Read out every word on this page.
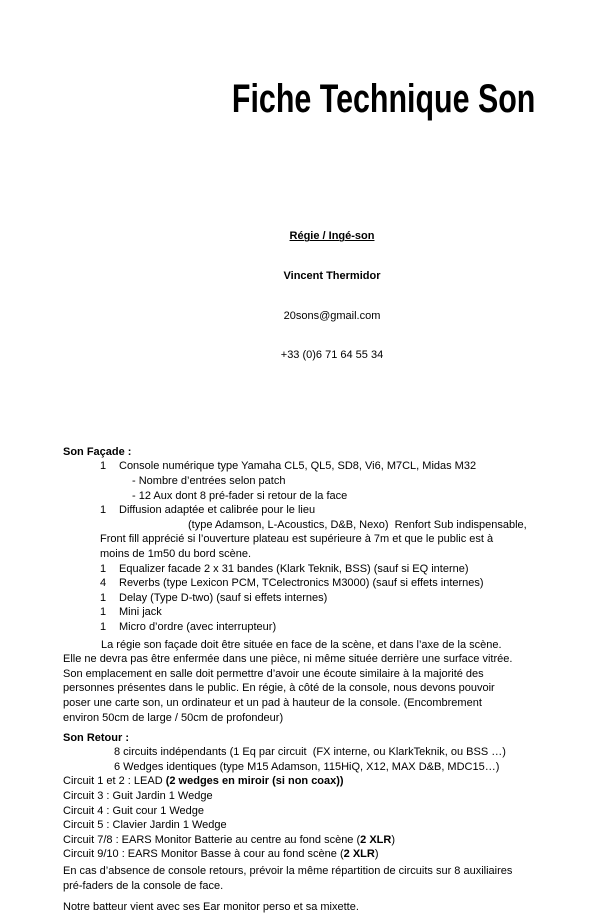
Fiche Technique Son

Régie / Ingé-son

Vincent Thermidor

20sons@gmail.com

+33 (0)6 71 64 55 34

Son Façade :
1 Console numérique type Yamaha CL5, QL5, SD8, Vi6, M7CL, Midas M32
- Nombre d’entrées selon patch
- 12 Aux dont 8 pré-fader si retour de la face
1 Diffusion adaptée et calibrée pour le lieu
(type Adamson, L-Acoustics, D&B, Nexo)  Renfort Sub indispensable,
Front fill apprécié si l’ouverture plateau est supérieure à 7m et que le public est à
moins de 1m50 du bord scène.
1 Equalizer facade 2 x 31 bandes (Klark Teknik, BSS) (sauf si EQ interne)
4 Reverbs (type Lexicon PCM, TCelectronics M3000) (sauf si effets internes)
1 Delay (Type D-two) (sauf si effets internes)
1 Mini jack
1 Micro d’ordre (avec interrupteur)
La régie son façade doit être située en face de la scène, et dans l’axe de la scène.
Elle ne devra pas être enfermée dans une pièce, ni même située derrière une surface vitrée.
Son emplacement en salle doit permettre d’avoir une écoute similaire à la majorité des
personnes présentes dans le public. En régie, à côté de la console, nous devons pouvoir
poser une carte son, un ordinateur et un pad à hauteur de la console. (Encombrement
environ 50cm de large / 50cm de profondeur)
Son Retour :
8 circuits indépendants (1 Eq par circuit  (FX interne, ou KlarkTeknik, ou BSS …)
6 Wedges identiques (type M15 Adamson, 115HiQ, X12, MAX D&B, MDC15…)
Circuit 1 et 2 : LEAD (2 wedges en miroir (si non coax))
Circuit 3 : Guit Jardin 1 Wedge
Circuit 4 : Guit cour 1 Wedge
Circuit 5 : Clavier Jardin 1 Wedge
Circuit 7/8 : EARS Monitor Batterie au centre au fond scène (2 XLR)
Circuit 9/10 : EARS Monitor Basse à cour au fond scène (2 XLR)
En cas d’absence de console retours, prévoir la même répartition de circuits sur 8 auxiliaires
pré-faders de la console de face.
Notre batteur vient avec ses Ear monitor perso et sa mixette.
